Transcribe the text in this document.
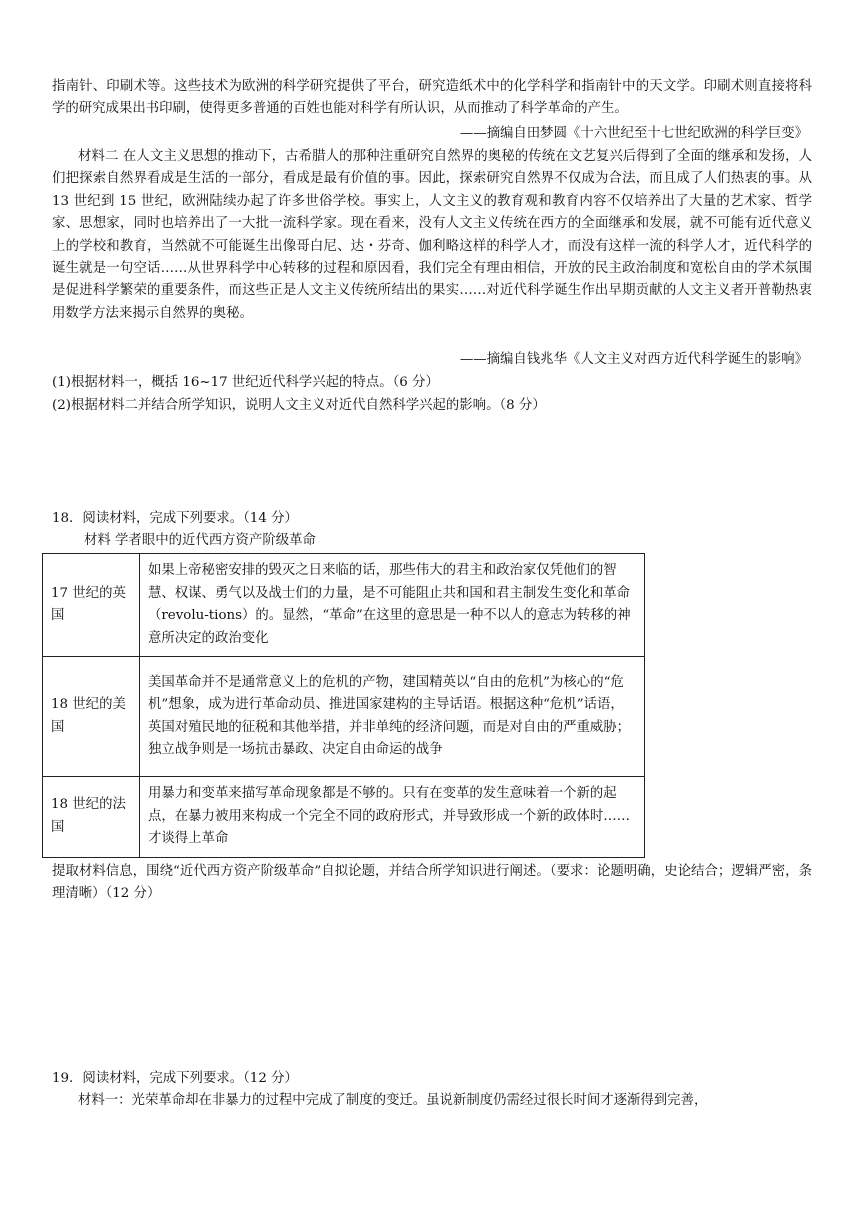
指南针、印刷术等。这些技术为欧洲的科学研究提供了平台，研究造纸术中的化学科学和指南针中的天文学。印刷术则直接将科学的研究成果出书印刷，使得更多普通的百姓也能对科学有所认识，从而推动了科学革命的产生。

——摘编自田梦圆《十六世纪至十七世纪欧洲的科学巨变》

材料二 在人文主义思想的推动下，古希腊人的那种注重研究自然界的奥秘的传统在文艺复兴后得到了全面的继承和发扬，人们把探索自然界看成是生活的一部分，看成是最有价值的事。因此，探索研究自然界不仅成为合法，而且成了人们热衷的事。从 13 世纪到 15 世纪，欧洲陆续办起了许多世俗学校。事实上，人文主义的教育观和教育内容不仅培养出了大量的艺术家、哲学家、思想家，同时也培养出了一大批一流科学家。现在看来，没有人文主义传统在西方的全面继承和发展，就不可能有近代意义上的学校和教育，当然就不可能诞生出像哥白尼、达・芬奇、伽利略这样的科学人才，而没有这样一流的科学人才，近代科学的诞生就是一句空话……从世界科学中心转移的过程和原因看，我们完全有理由相信，开放的民主政治制度和宽松自由的学术氛围是促进科学繁荣的重要条件，而这些正是人文主义传统所结出的果实……对近代科学诞生作出早期贡献的人文主义者开普勒热衷用数学方法来揭示自然界的奥秘。

——摘编自钱兆华《人文主义对西方近代科学诞生的影响》

(1)根据材料一，概括 16~17 世纪近代科学兴起的特点。（6 分）

(2)根据材料二并结合所学知识，说明人文主义对近代自然科学兴起的影响。（8 分）

18．阅读材料，完成下列要求。（14 分）

材料 学者眼中的近代西方资产阶级革命

17 世纪的英国	如果上帝秘密安排的毁灭之日来临的话，那些伟大的君主和政治家仅凭他们的智慧、权谋、勇气以及战士们的力量，是不可能阻止共和国和君主制发生变化和革命（revolu-tions）的。显然，“革命”在这里的意思是一种不以人的意志为转移的神意所决定的政治变化
18 世纪的美国	美国革命并不是通常意义上的危机的产物，建国精英以“自由的危机”为核心的“危机”想象，成为进行革命动员、推进国家建构的主导话语。根据这种“危机”话语，英国对殖民地的征税和其他举措，并非单纯的经济问题，而是对自由的严重威胁；独立战争则是一场抗击暴政、决定自由命运的战争
18 世纪的法国	用暴力和变革来描写革命现象都是不够的。只有在变革的发生意味着一个新的起点，在暴力被用来构成一个完全不同的政府形式，并导致形成一个新的政体时……才谈得上革命

提取材料信息，围绕“近代西方资产阶级革命”自拟论题，并结合所学知识进行阐述。（要求：论题明确，史论结合；逻辑严密，条理清晰）（12 分）

19．阅读材料，完成下列要求。（12 分）

材料一：光荣革命却在非暴力的过程中完成了制度的变迁。虽说新制度仍需经过很长时间才逐渐得到完善，
